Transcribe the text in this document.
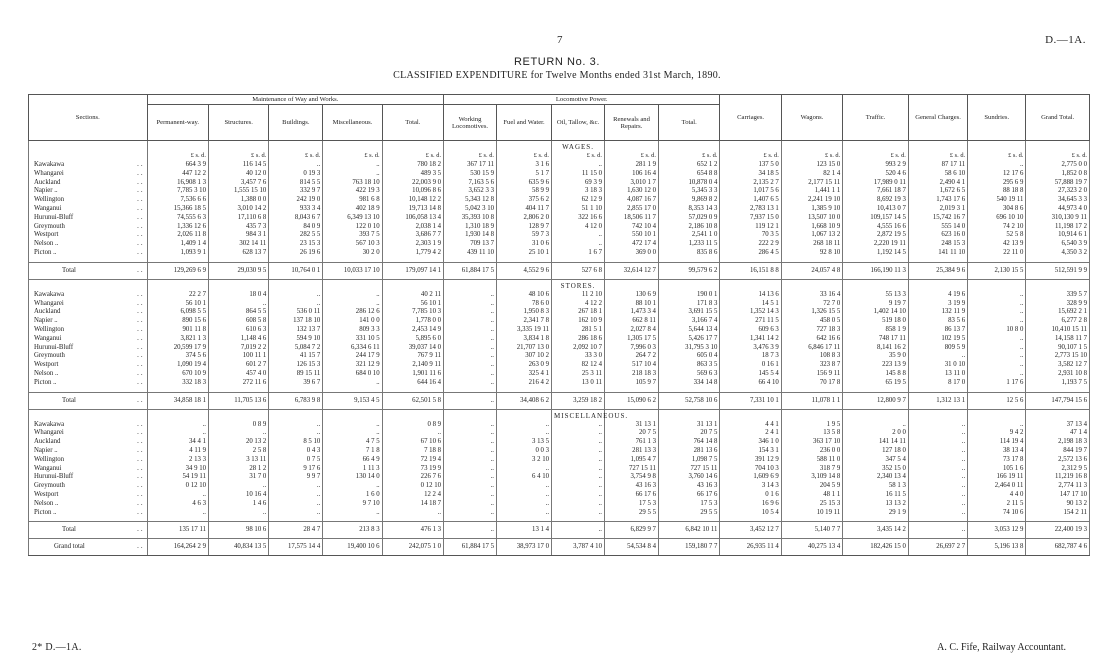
7	D.—1A.
RETURN No. 3.
CLASSIFIED EXPENDITURE for Twelve Months ended 31st March, 1890.
Sections.	Maintenance of Way and Works.					Locomotive Power.					Carriages.	Wagons.	Traffic.	General Charges.	Sundries.	Grand Total.
	Permanent-way.	Structures.	Buildings.	Miscellaneous.	Total.	Working Locomotives.	Fuel and Water.	Oil, Tallow, &c.	Renewals and Repairs.	Total.						
								WAGES.								
	£ s. d.	£ s. d.	£ s. d.	£ s. d.	£ s. d.	£ s. d.	£ s. d.	£ s. d.	£ s. d.	£ s. d.	£ s. d.	£ s. d.	£ s. d.	£ s. d.	£ s. d.	£ s. d.

..
Kawakawa	664 3 9	116 14 5	..	..	780 18 2	367 17 11	3 1 6	..	281 1 9	652 1 2	137 5 0	123 15 0	993 2 9	87 17 11	..	2,775 0 0

..
Whangarei	447 12 2	40 12 0	0 19 3	..	489 3 5	530 15 9	5 1 7	11 15 0	106 16 4	654 8 8	34 18 5	82 1 4	520 4 6	58 6 10	12 17 6	1,852 0 8

..
Auckland	16,908 1 3	3,457 7 6	814 5 5	763 18 10	22,003 9 0	7,163 5 6	635 9 6	69 3 9	3,010 1 7	10,878 0 4	2,135 2 7	2,177 15 11	17,989 0 11	2,490 4 1	295 6 9	57,888 19 7

..
Napier ..	7,785 3 10	1,555 15 10	332 9 7	422 19 3	10,096 8 6	3,652 3 3	58 9 9	3 18 3	1,630 12 0	5,345 3 3	1,017 5 6	1,441 1 1	7,661 18 7	1,672 6 5	88 18 8	27,323 2 0

..
Wellington	7,536 6 6	1,388 0 0	242 19 0	981 6 8	10,148 12 2	5,343 12 8	375 6 2	62 12 9	4,087 16 7	9,869 8 2	1,407 6 5	2,241 19 10	8,692 19 3	1,743 17 6	540 19 11	34,645 3 3

..
Wanganui	15,366 18 5	3,010 14 2	933 3 4	402 18 9	19,713 14 8	5,042 3 10	404 11 7	51 1 10	2,855 17 0	8,353 14 3	2,783 13 1	1,385 9 10	10,413 0 7	2,019 3 1	304 8 6	44,973 4 0

..
Hurunui-Bluff	74,555 6 3	17,110 6 8	8,043 6 7	6,349 13 10	106,058 13 4	35,393 10 8	2,806 2 0	322 16 6	18,506 11 7	57,029 0 9	7,937 15 0	13,507 10 0	109,157 14 5	15,742 16 7	696 10 10	310,130 9 11

..
Greymouth	1,336 12 6	435 7 3	84 0 9	122 0 10	2,038 1 4	1,310 18 9	128 9 7	4 12 0	742 10 4	2,186 10 8	119 12 1	1,668 10 9	4,555 16 6	555 14 0	74 2 10	11,198 17 2

..
Westport	2,026 11 8	984 3 1	282 5 5	393 7 5	3,686 7 7	1,930 14 8	59 7 3	..	550 10 1	2,541 1 0	70 3 5	1,067 13 2	2,872 19 5	623 16 0	52 5 8	10,914 6 1

..
Nelson ..	1,409 1 4	302 14 11	23 15 3	567 10 3	2,303 1 9	709 13 7	31 0 6	..	472 17 4	1,233 11 5	222 2 9	268 18 11	2,220 19 11	248 15 3	42 13 9	6,540 3 9

..
Picton ..	1,093 9 1	628 13 7	26 19 6	30 2 0	1,779 4 2	439 11 10	25 10 1	1 6 7	369 0 0	835 8 6	286 4 5	92 8 10	1,192 14 5	141 11 10	22 11 0	4,350 3 2

..
Total	129,269 6 9	29,030 9 5	10,764 0 1	10,033 17 10	179,097 14 1	61,884 17 5	4,552 9 6	527 6 8	32,614 12 7	99,579 6 2	16,151 8 8	24,057 4 8	166,190 11 3	25,384 9 6	2,130 15 5	512,591 9 9
								STORES.								

..
Kawakawa	22 2 7	18 0 4	..	..	40 2 11	..	48 10 6	11 2 10	130 6 9	190 0 1	14 13 6	33 16 4	55 13 3	4 19 6	..	339 5 7

..
Whangarei	56 10 1	..	..	..	56 10 1	..	78 6 0	4 12 2	88 10 1	171 8 3	14 5 1	72 7 0	9 19 7	3 19 9	..	328 9 9

..
Auckland	6,098 5 5	864 5 5	536 0 11	286 12 6	7,785 10 3	..	1,950 8 3	267 18 1	1,473 3 4	3,691 15 5	1,352 14 3	1,326 15 5	1,402 14 10	132 11 9	..	15,692 2 1

..
Napier ..	890 15 6	608 5 8	137 18 10	141 0 0	1,778 0 0	..	2,341 7 8	162 10 9	662 8 11	3,166 7 4	271 11 5	458 0 5	519 18 0	83 5 6	..	6,277 2 8

..
Wellington	901 11 8	610 6 3	132 13 7	809 3 3	2,453 14 9	..	3,335 19 11	281 5 1	2,027 8 4	5,644 13 4	609 6 3	727 18 3	858 1 9	86 13 7	10 8 0	10,410 15 11

..
Wanganui	3,821 1 3	1,148 4 6	594 9 10	331 10 5	5,895 6 0	..	3,834 1 8	286 18 6	1,305 17 5	5,426 17 7	1,341 14 2	642 16 6	748 17 11	102 19 5	..	14,158 11 7

..
Hurunui-Bluff	20,599 17 9	7,019 2 2	5,084 7 2	6,334 6 11	39,037 14 0	..	21,707 13 0	2,092 10 7	7,996 0 3	31,795 3 10	3,476 3 9	6,846 17 11	8,141 16 2	809 5 9	..	90,107 1 5

..
Greymouth	374 5 6	100 11 1	41 15 7	244 17 9	767 9 11	..	307 10 2	33 3 0	264 7 2	605 0 4	18 7 3	108 8 3	35 9 0	..	..	2,773 15 10

..
Westport	1,090 19 4	601 2 7	126 15 3	321 12 9	2,140 9 11	..	263 0 9	82 12 4	517 10 4	863 3 5	0 16 1	323 8 7	223 13 9	31 0 10	..	3,582 12 7

..
Nelson ..	670 10 9	457 4 0	89 15 11	684 0 10	1,901 11 6	..	325 4 1	25 3 11	218 18 3	569 6 3	145 5 4	156 9 11	145 8 8	13 11 0	..	2,931 10 8

..
Picton ..	332 18 3	272 11 6	39 6 7	..	644 16 4	..	216 4 2	13 0 11	105 9 7	334 14 8	66 4 10	70 17 8	65 19 5	8 17 0	1 17 6	1,193 7 5

..
Total	34,858 18 1	11,705 13 6	6,783 9 8	9,153 4 5	62,501 5 8	..	34,408 6 2	3,259 18 2	15,090 6 2	52,758 10 6	7,331 10 1	11,078 1 1	12,800 9 7	1,312 13 1	12 5 6	147,794 15 6
								MISCELLANEOUS.								

..
Kawakawa	..	0 8 9	..	..	0 8 9	..	..	..	31 13 1	31 13 1	4 4 1	1 9 5	..	..	..	37 13 4

..
Whangarei	..	..	..	..	..	..	..	..	20 7 5	20 7 5	2 4 1	13 5 8	2 0 0	..	9 4 2	47 1 4

..
Auckland	34 4 1	20 13 2	8 5 10	4 7 5	67 10 6	..	3 13 5	..	761 1 3	764 14 8	346 1 0	363 17 10	141 14 11	..	114 19 4	2,198 18 3

..
Napier ..	4 11 9	2 5 8	0 4 3	7 1 8	7 18 8	..	0 0 3	..	281 13 3	281 13 6	154 3 1	236 0 0	127 18 0	..	38 13 4	844 19 7

..
Wellington	2 13 3	3 13 11	0 7 5	66 4 9	72 19 4	..	3 2 10	..	1,095 4 7	1,098 7 5	391 12 9	588 11 0	347 5 4	..	73 17 8	2,572 13 6

..
Wanganui	34 9 10	28 1 2	9 17 6	1 11 3	73 19 9	..	..	..	727 15 11	727 15 11	704 10 3	318 7 9	352 15 0	..	105 1 6	2,312 9 5

..
Hurunui-Bluff	54 19 11	31 7 0	9 9 7	130 14 0	226 7 6	..	6 4 10	..	3,754 9 8	3,760 14 6	1,609 6 9	3,109 14 8	2,340 13 4	..	166 19 11	11,219 16 8

..
Greymouth	0 12 10	..	..	..	0 12 10	..	..	..	43 16 3	43 16 3	3 14 3	204 5 9	58 1 3	..	2,464 0 11	2,774 11 3

..
Westport	..	10 16 4	..	1 6 0	12 2 4	..	..	..	66 17 6	66 17 6	0 1 6	48 1 1	16 11 5	..	4 4 0	147 17 10

..
Nelson ..	4 6 3	1 4 6	..	9 7 10	14 18 7	..	..	..	17 5 3	17 5 3	16 9 6	25 15 3	13 13 2	..	2 11 5	90 13 2

..
Picton ..	..	..	..	..	..	..	..	..	29 5 5	29 5 5	10 5 4	10 19 11	29 1 9	..	74 10 6	154 2 11

..
Total	135 17 11	98 10 6	28 4 7	213 8 3	476 1 3	..	13 1 4	..	6,829 9 7	6,842 10 11	3,452 12 7	5,140 7 7	3,435 14 2	..	3,053 12 9	22,400 19 3

..
Grand total	164,264 2 9	40,834 13 5	17,575 14 4	19,400 10 6	242,075 1 0	61,884 17 5	38,973 17 0	3,787 4 10	54,534 8 4	159,180 7 7	26,935 11 4	40,275 13 4	182,426 15 0	26,697 2 7	5,196 13 8	682,787 4 6
2* D.—1A.	A. C. Fife, Railway Accountant.
